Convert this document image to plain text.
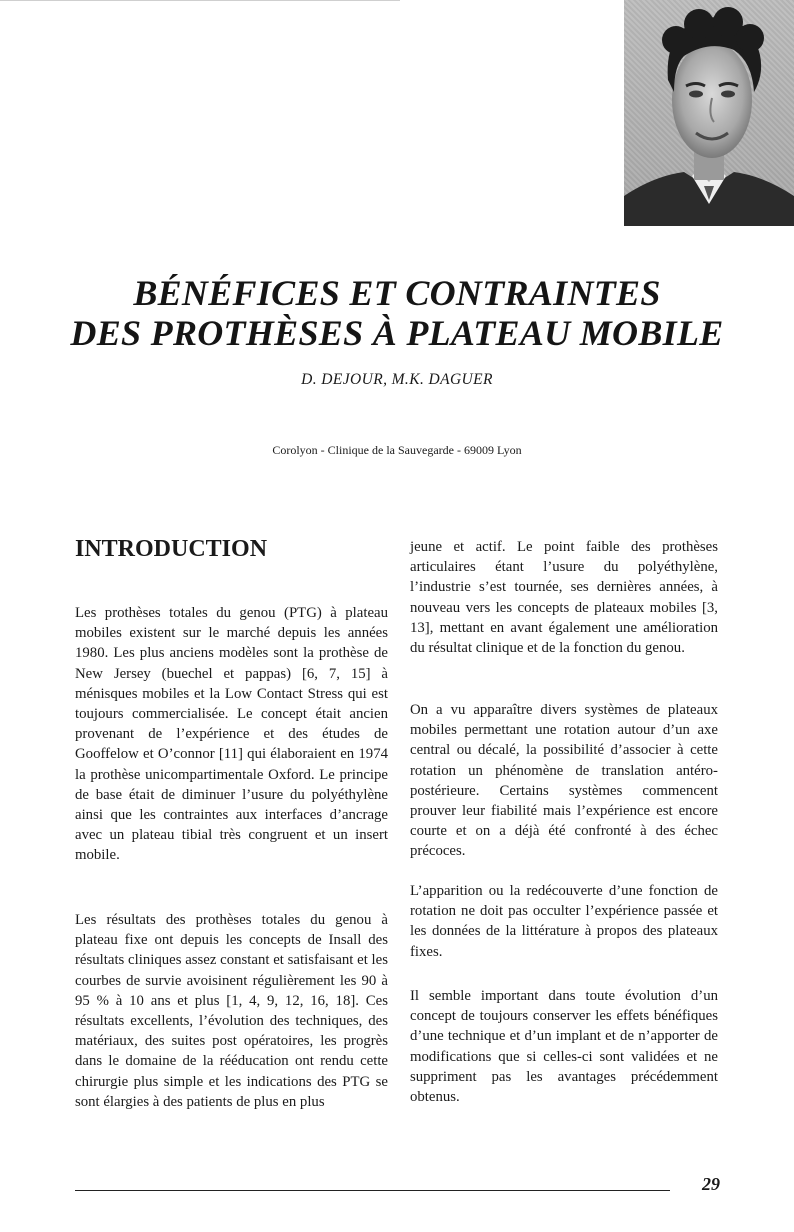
BÉNÉFICES ET CONTRAINTES
DES PROTHÈSES À PLATEAU MOBILE
D. DEJOUR, M.K. DAGUER
Corolyon - Clinique de la Sauvegarde - 69009 Lyon
INTRODUCTION

Les prothèses totales du genou (PTG) à plateau mobiles existent sur le marché depuis les années 1980. Les plus anciens modèles sont la prothèse de New Jersey (buechel et pappas) [6, 7, 15] à ménisques mobiles et la Low Contact Stress qui est toujours commercialisée. Le concept était ancien provenant de l’expérience et des études de Gooffelow et O’connor [11] qui élaboraient en 1974 la prothèse unicompartimentale Oxford. Le principe de base était de diminuer l’usure du polyéthylène ainsi que les contraintes aux interfaces d’ancrage avec un plateau tibial très congruent et un insert mobile.

Les résultats des prothèses totales du genou à plateau fixe ont depuis les concepts de Insall des résultats cliniques assez constant et satisfaisant et les courbes de survie avoisinent régulièrement les 90 à 95 % à 10 ans et plus [1, 4, 9, 12, 16, 18]. Ces résultats excellents, l’évolution des techniques, des matériaux, des suites post opératoires, les progrès dans le domaine de la rééducation ont rendu cette chirurgie plus simple et les indications des PTG se sont élargies à des patients de plus en plus

jeune et actif. Le point faible des prothèses articulaires étant l’usure du polyéthylène, l’industrie s’est tournée, ses dernières années, à nouveau vers les concepts de plateaux mobiles [3, 13], mettant en avant également une amélioration du résultat clinique et de la fonction du genou.

On a vu apparaître divers systèmes de plateaux mobiles permettant une rotation autour d’un axe central ou décalé, la possibilité d’associer à cette rotation un phénomène de translation antéro-postérieure. Certains systèmes commencent prouver leur fiabilité mais l’expérience est encore courte et on a déjà été confronté à des échec précoces.

L’apparition ou la redécouverte d’une fonction de rotation ne doit pas occulter l’expérience passée et les données de la littérature à propos des plateaux fixes.

Il semble important dans toute évolution d’un concept de toujours conserver les effets bénéfiques d’une technique et d’un implant et de n’apporter de modifications que si celles-ci sont validées et ne suppriment pas les avantages précédemment obtenus.

29
